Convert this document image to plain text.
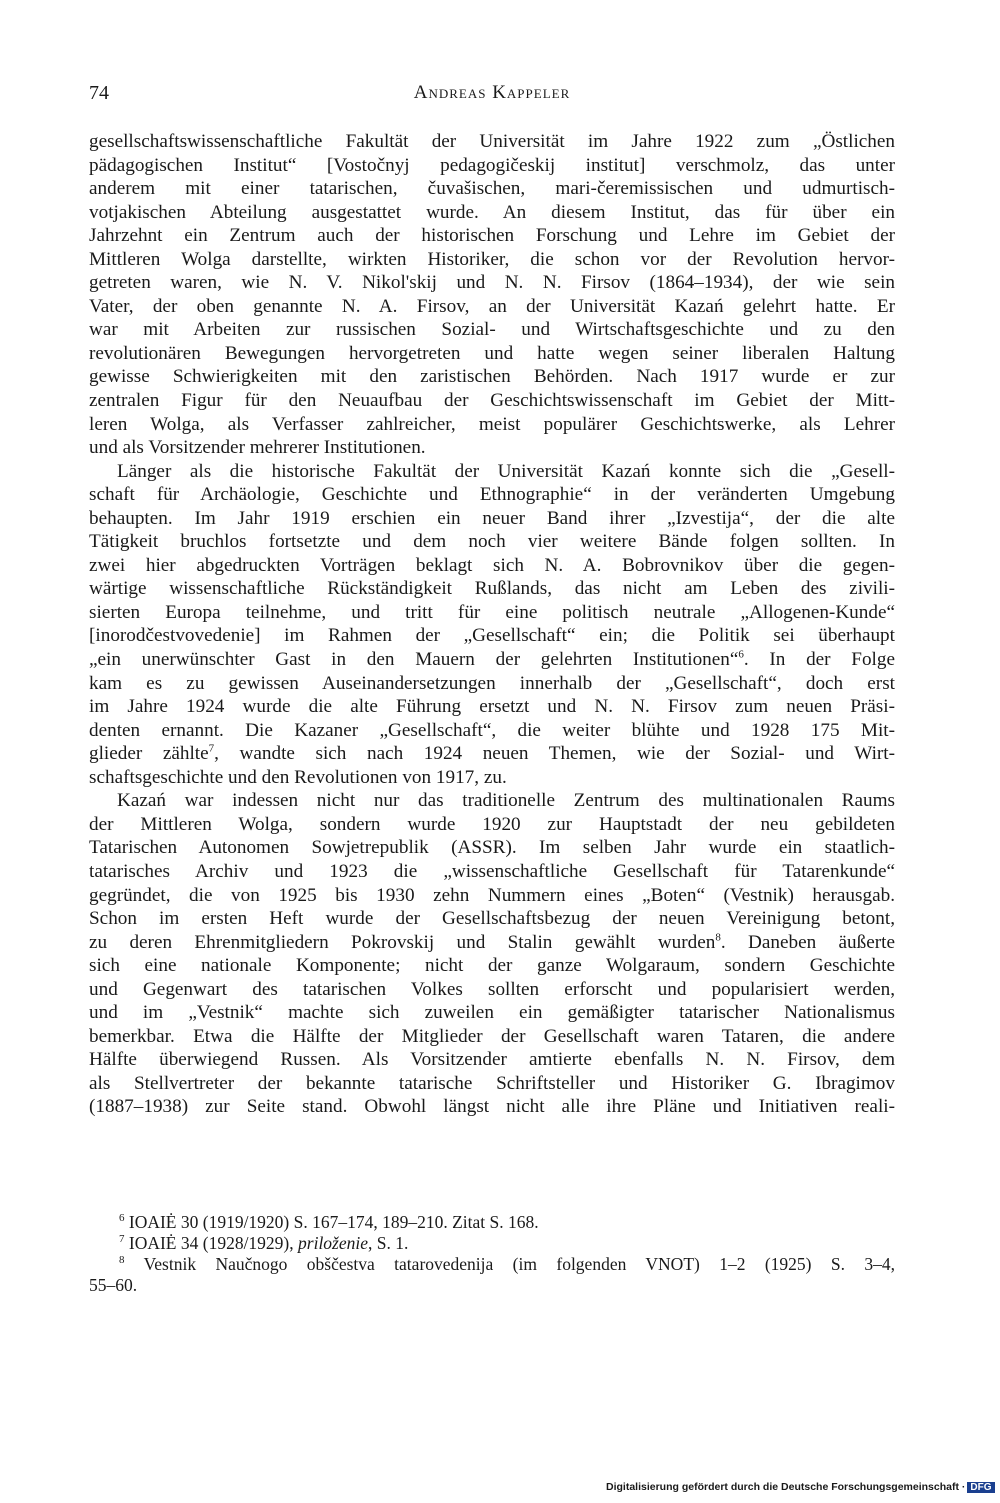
74	Andreas Kappeler
gesellschaftswissenschaftliche Fakultät der Universität im Jahre 1922 zum „Östlichen
pädagogischen Institut“ [Vostočnyj pedagogičeskij institut] verschmolz, das unter
anderem mit einer tatarischen, čuvašischen, mari-čeremissischen und udmurtisch-
votjakischen Abteilung ausgestattet wurde. An diesem Institut, das für über ein
Jahrzehnt ein Zentrum auch der historischen Forschung und Lehre im Gebiet der
Mittleren Wolga darstellte, wirkten Historiker, die schon vor der Revolution hervor-
getreten waren, wie N. V. Nikol'skij und N. N. Firsov (1864–1934), der wie sein
Vater, der oben genannte N. A. Firsov, an der Universität Kazań gelehrt hatte. Er
war mit Arbeiten zur russischen Sozial- und Wirtschaftsgeschichte und zu den
revolutionären Bewegungen hervorgetreten und hatte wegen seiner liberalen Haltung
gewisse Schwierigkeiten mit den zaristischen Behörden. Nach 1917 wurde er zur
zentralen Figur für den Neuaufbau der Geschichtswissenschaft im Gebiet der Mitt-
leren Wolga, als Verfasser zahlreicher, meist populärer Geschichtswerke, als Lehrer
und als Vorsitzender mehrerer Institutionen.
Länger als die historische Fakultät der Universität Kazań konnte sich die „Gesell-
schaft für Archäologie, Geschichte und Ethnographie“ in der veränderten Umgebung
behaupten. Im Jahr 1919 erschien ein neuer Band ihrer „Izvestija“, der die alte
Tätigkeit bruchlos fortsetzte und dem noch vier weitere Bände folgen sollten. In
zwei hier abgedruckten Vorträgen beklagt sich N. A. Bobrovnikov über die gegen-
wärtige wissenschaftliche Rückständigkeit Rußlands, das nicht am Leben des zivili-
sierten Europa teilnehme, und tritt für eine politisch neutrale „Allogenen-Kunde“
[inorodčestvovedenie] im Rahmen der „Gesellschaft“ ein; die Politik sei überhaupt
„ein unerwünschter Gast in den Mauern der gelehrten Institutionen“$^6$. In der Folge
kam es zu gewissen Auseinandersetzungen innerhalb der „Gesellschaft“, doch erst
im Jahre 1924 wurde die alte Führung ersetzt und N. N. Firsov zum neuen Präsi-
denten ernannt. Die Kazaner „Gesellschaft“, die weiter blühte und 1928 175 Mit-
glieder zählte$^7$, wandte sich nach 1924 neuen Themen, wie der Sozial- und Wirt-
schaftsgeschichte und den Revolutionen von 1917, zu.
Kazań war indessen nicht nur das traditionelle Zentrum des multinationalen Raums
der Mittleren Wolga, sondern wurde 1920 zur Hauptstadt der neu gebildeten
Tatarischen Autonomen Sowjetrepublik (ASSR). Im selben Jahr wurde ein staatlich-
tatarisches Archiv und 1923 die „wissenschaftliche Gesellschaft für Tatarenkunde“
gegründet, die von 1925 bis 1930 zehn Nummern eines „Boten“ (Vestnik) herausgab.
Schon im ersten Heft wurde der Gesellschaftsbezug der neuen Vereinigung betont,
zu deren Ehrenmitgliedern Pokrovskij und Stalin gewählt wurden$^8$. Daneben äußerte
sich eine nationale Komponente; nicht der ganze Wolgaraum, sondern Geschichte
und Gegenwart des tatarischen Volkes sollten erforscht und popularisiert werden,
und im „Vestnik“ machte sich zuweilen ein gemäßigter tatarischer Nationalismus
bemerkbar. Etwa die Hälfte der Mitglieder der Gesellschaft waren Tataren, die andere
Hälfte überwiegend Russen. Als Vorsitzender amtierte ebenfalls N. N. Firsov, dem
als Stellvertreter der bekannte tatarische Schriftsteller und Historiker G. Ibragimov
(1887–1938) zur Seite stand. Obwohl längst nicht alle ihre Pläne und Initiativen reali-
$^6$ IOAIĖ 30 (1919/1920) S. 167–174, 189–210. Zitat S. 168.
$^7$ IOAIĖ 34 (1928/1929), priloženie, S. 1.
$^8$ Vestnik Naučnogo obščestva tatarovedenija (im folgenden VNOT) 1–2 (1925) S. 3–4,
55–60.
Digitalisierung gefördert durch die Deutsche Forschungsgemeinschaft · DFG
